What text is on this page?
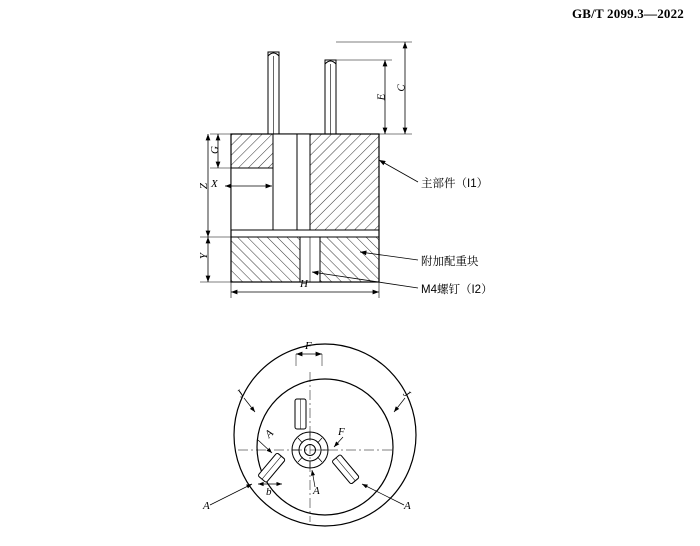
GB/T 2099.3—2022
C
E
G
Z X
Y
H
主部件（I1）
附加配重块
M4螺钉（I2）
F
J	J
A	F
A
A
A
b
